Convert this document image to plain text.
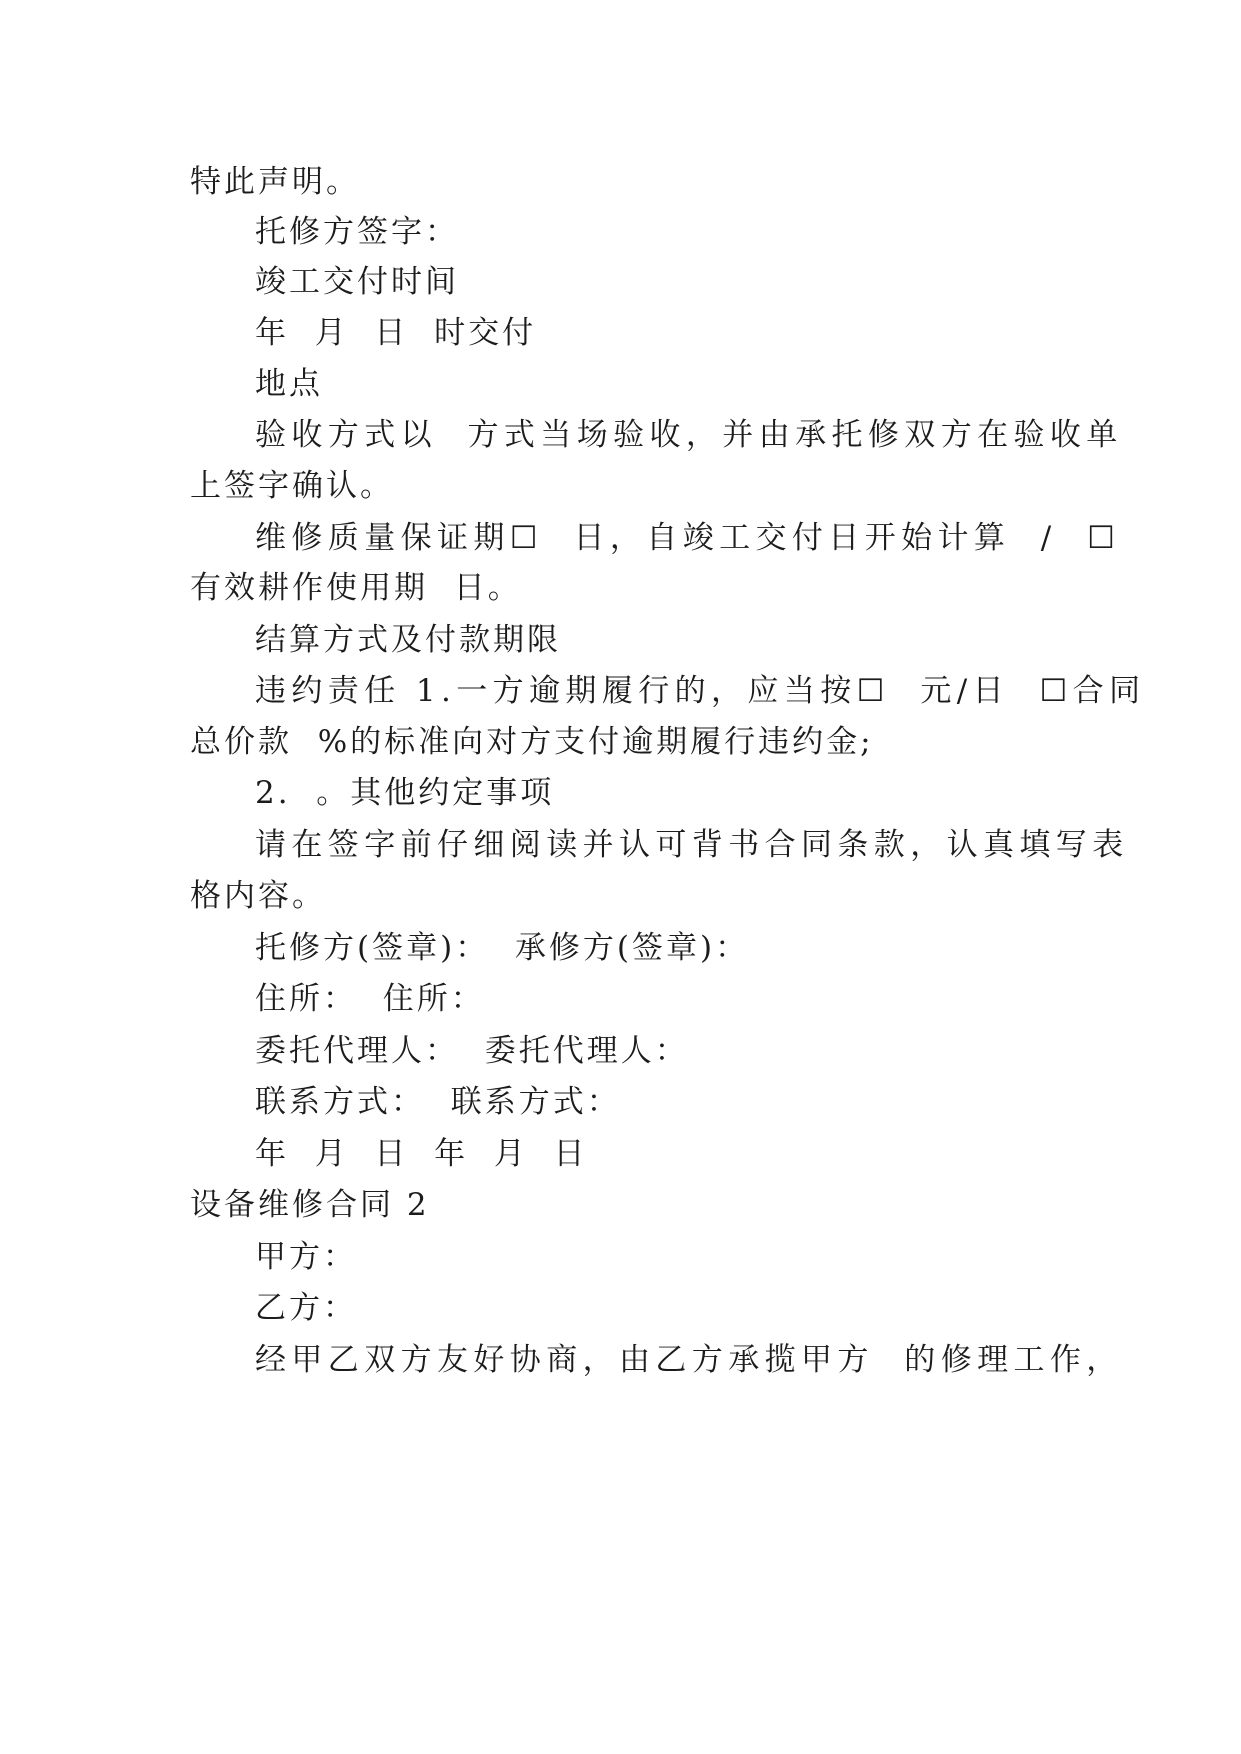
特此声明。
托修方签字：
竣工交付时间
年  月  日  时交付
地点
验收方式以  方式当场验收，并由承托修双方在验收单
上签字确认。
维修质量保证期☐  日，自竣工交付日开始计算  /  ☐
有效耕作使用期  日。
结算方式及付款期限
违约责任 1.一方逾期履行的，应当按☐  元/日  ☐合同
总价款  %的标准向对方支付逾期履行违约金;
2.  。其他约定事项
请在签字前仔细阅读并认可背书合同条款，认真填写表
格内容。
托修方(签章)：  承修方(签章)：
住所：  住所：
委托代理人：  委托代理人：
联系方式：  联系方式：
年  月  日  年  月  日
设备维修合同 2
甲方：
乙方：
经甲乙双方友好协商，由乙方承揽甲方  的修理工作，
